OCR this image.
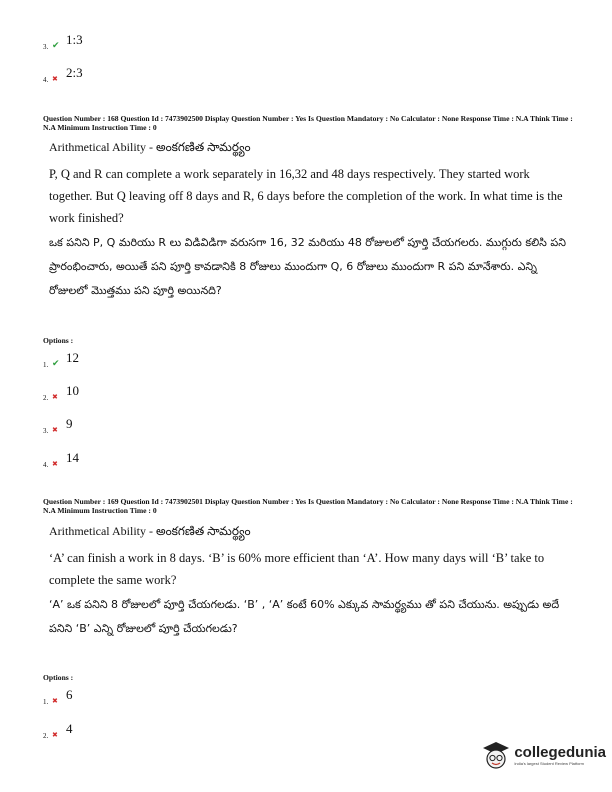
3. ✔ 1:3
4. ✖ 2:3
Question Number : 168 Question Id : 7473902500 Display Question Number : Yes Is Question Mandatory : No Calculator : None Response Time : N.A Think Time : N.A Minimum Instruction Time : 0
Arithmetical Ability - అంకగణిత సామర్థ్యం
P, Q and R can complete a work separately in 16,32 and 48 days respectively. They started work together. But Q leaving off 8 days and R, 6 days before the completion of the work. In what time is the work finished?
ఒక పనిని P, Q మరియు R లు విడివిడిగా వరుసగా 16, 32 మరియు 48 రోజులలో పూర్తి చేయగలరు. ముగ్గురు కలిసి పని ప్రారంభించారు, అయితే పని పూర్తి కావడానికి 8 రోజులు ముందుగా Q, 6 రోజులు ముందుగా R పని మానేశారు. ఎన్ని రోజులలో మొత్తము పని పూర్తి అయినది?
Options :
1. ✔ 12
2. ✖ 10
3. ✖ 9
4. ✖ 14
Question Number : 169 Question Id : 7473902501 Display Question Number : Yes Is Question Mandatory : No Calculator : None Response Time : N.A Think Time : N.A Minimum Instruction Time : 0
Arithmetical Ability - అంకగణిత సామర్థ్యం
‘A’ can finish a work in 8 days. ‘B’ is 60% more efficient than ‘A’. How many days will ‘B’ take to complete the same work?
‘A’ ఒక పనిని 8 రోజులలో పూర్తి చేయగలడు. ‘B’ , ‘A’ కంటే 60% ఎక్కువ సామర్థ్యము తో పని చేయును. అప్పుడు అదే పనిని ‘B’ ఎన్ని రోజులలో పూర్తి చేయగలడు?
Options :
1. ✖ 6
2. ✖ 4
collegedunia
India's largest Student Review Platform
